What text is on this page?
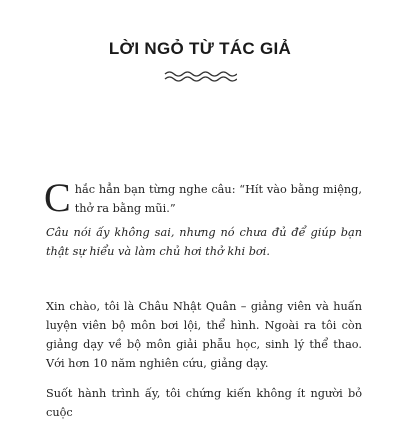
LỜI NGỎ TỪ TÁC GIẢ
Chắc hẳn bạn từng nghe câu: “Hít vào bằng miệng, thở ra bằng mũi.”
Câu nói ấy không sai, nhưng nó chưa đủ để giúp bạn thật sự hiểu và làm chủ hơi thở khi bơi.
Xin chào, tôi là Châu Nhật Quân – giảng viên và huấn luyện viên bộ môn bơi lội, thể hình. Ngoài ra tôi còn giảng dạy về bộ môn giải phẫu học, sinh lý thể thao. Với hơn 10 năm nghiên cứu, giảng dạy.
Suốt hành trình ấy, tôi chứng kiến không ít người bỏ cuộc
